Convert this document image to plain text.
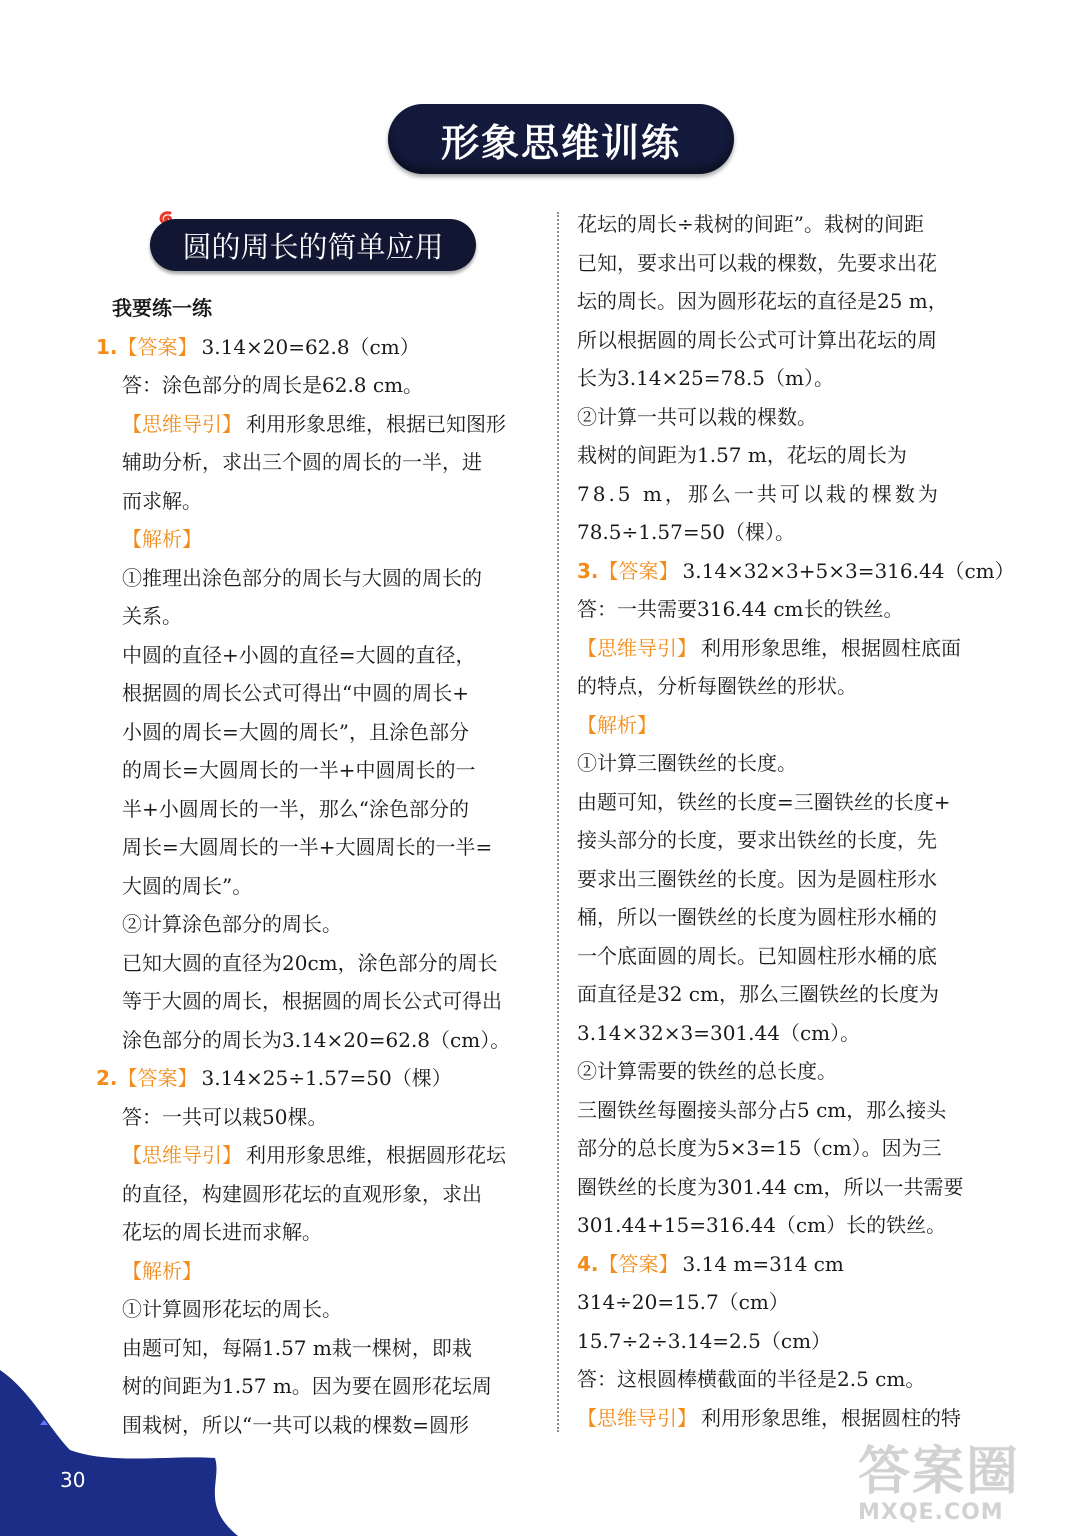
形象思维训练
圆的周长的简单应用
我要练一练
1.【答案】 3.14×20=62.8（cm）
答：涂色部分的周长是62.8 cm。
【思维导引】 利用形象思维，根据已知图形
辅助分析，求出三个圆的周长的一半，进
而求解。
【解析】
①推理出涂色部分的周长与大圆的周长的
关系。
中圆的直径+小圆的直径=大圆的直径，
根据圆的周长公式可得出“中圆的周长+
小圆的周长=大圆的周长”，且涂色部分
的周长=大圆周长的一半+中圆周长的一
半+小圆周长的一半，那么“涂色部分的
周长=大圆周长的一半+大圆周长的一半=
大圆的周长”。
②计算涂色部分的周长。
已知大圆的直径为20cm，涂色部分的周长
等于大圆的周长，根据圆的周长公式可得出
涂色部分的周长为3.14×20=62.8（cm）。
2.【答案】 3.14×25÷1.57=50（棵）
答：一共可以栽50棵。
【思维导引】 利用形象思维，根据圆形花坛
的直径，构建圆形花坛的直观形象，求出
花坛的周长进而求解。
【解析】
①计算圆形花坛的周长。
由题可知，每隔1.57 m栽一棵树，即栽
树的间距为1.57 m。因为要在圆形花坛周
围栽树，所以“一共可以栽的棵数=圆形
花坛的周长÷栽树的间距”。栽树的间距
已知，要求出可以栽的棵数，先要求出花
坛的周长。因为圆形花坛的直径是25 m，
所以根据圆的周长公式可计算出花坛的周
长为3.14×25=78.5（m）。
②计算一共可以栽的棵数。
栽树的间距为1.57 m，花坛的周长为
78.5 m，那么一共可以栽的棵数为
78.5÷1.57=50（棵）。
3.【答案】 3.14×32×3+5×3=316.44（cm）
答：一共需要316.44 cm长的铁丝。
【思维导引】 利用形象思维，根据圆柱底面
的特点，分析每圈铁丝的形状。
【解析】
①计算三圈铁丝的长度。
由题可知，铁丝的长度=三圈铁丝的长度+
接头部分的长度，要求出铁丝的长度，先
要求出三圈铁丝的长度。因为是圆柱形水
桶，所以一圈铁丝的长度为圆柱形水桶的
一个底面圆的周长。已知圆柱形水桶的底
面直径是32 cm，那么三圈铁丝的长度为
3.14×32×3=301.44（cm）。
②计算需要的铁丝的总长度。
三圈铁丝每圈接头部分占5 cm，那么接头
部分的总长度为5×3=15（cm）。因为三
圈铁丝的长度为301.44 cm，所以一共需要
301.44+15=316.44（cm）长的铁丝。
4.【答案】 3.14 m=314 cm
314÷20=15.7（cm）
15.7÷2÷3.14=2.5（cm）
答：这根圆棒横截面的半径是2.5 cm。
【思维导引】 利用形象思维，根据圆柱的特
30	答案圈
MXQE.COM
